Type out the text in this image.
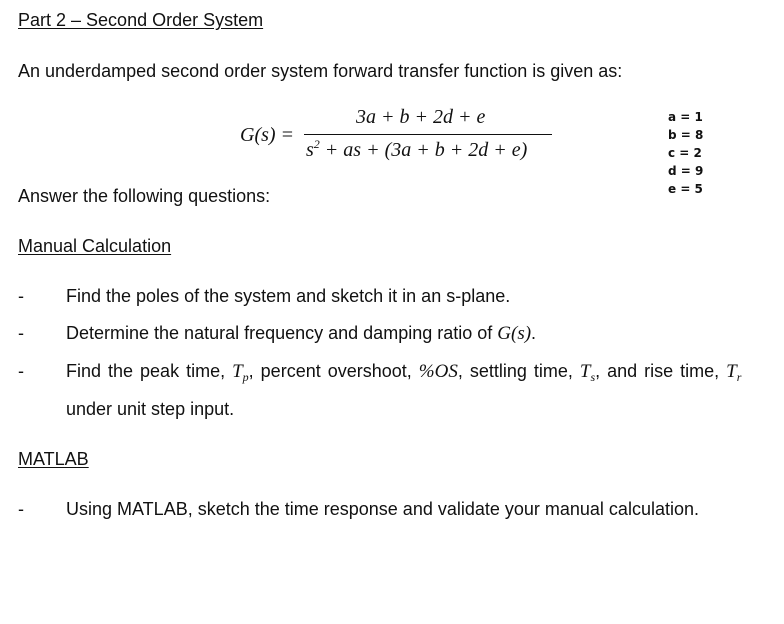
Part 2 – Second Order System
An underdamped second order system forward transfer function is given as:
G(s) =
3a + b + 2d + e
$s^2$ + as + (3a + b + 2d + e)
a = 1
b = 8
c = 2
d = 9
e = 5
Answer the following questions:
Manual Calculation
- Find the poles of the system and sketch it in an s-plane.
- Determine the natural frequency and damping ratio of G(s).
- Find the peak time, $T_p$, percent overshoot, %OS, settling time, $T_s$, and rise time, $T_r$
under unit step input.
MATLAB
- Using MATLAB, sketch the time response and validate your manual calculation.
